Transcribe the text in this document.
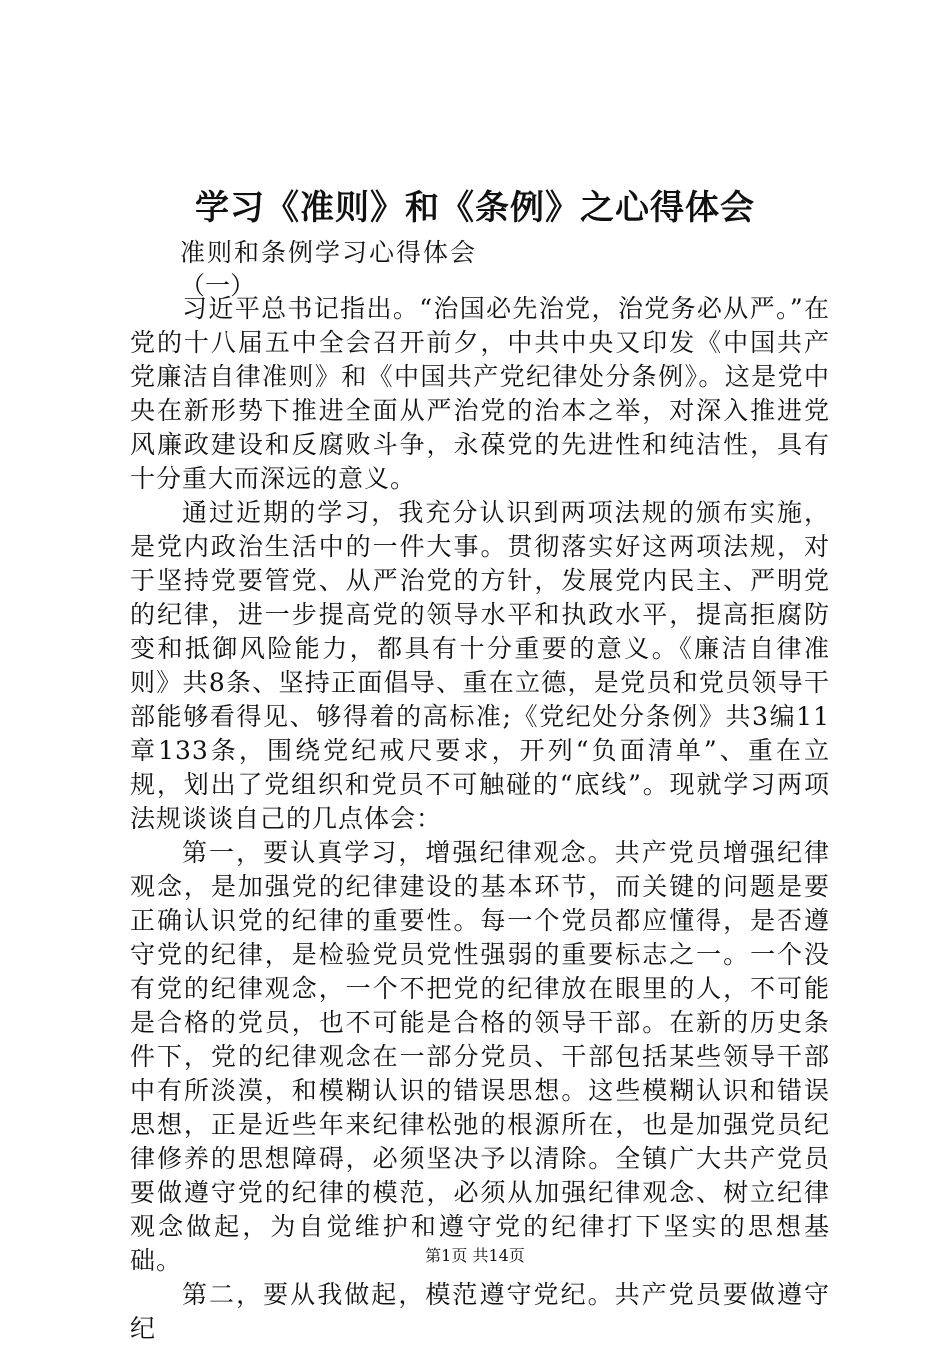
学习《准则》和《条例》之心得体会
准则和条例学习心得体会
（一）

习近平总书记指出。“治国必先治党，治党务必从严。”在党的十八届五中全会召开前夕，中共中央又印发《中国共产党廉洁自律准则》和《中国共产党纪律处分条例》。这是党中央在新形势下推进全面从严治党的治本之举，对深入推进党风廉政建设和反腐败斗争，永葆党的先进性和纯洁性，具有十分重大而深远的意义。

通过近期的学习，我充分认识到两项法规的颁布实施，是党内政治生活中的一件大事。贯彻落实好这两项法规，对于坚持党要管党、从严治党的方针，发展党内民主、严明党的纪律，进一步提高党的领导水平和执政水平，提高拒腐防变和抵御风险能力，都具有十分重要的意义。《廉洁自律准则》共8条、坚持正面倡导、重在立德，是党员和党员领导干部能够看得见、够得着的高标准;《党纪处分条例》共3编11章133条，围绕党纪戒尺要求，开列“负面清单”、重在立规，划出了党组织和党员不可触碰的“底线”。现就学习两项法规谈谈自己的几点体会：

第一，要认真学习，增强纪律观念。共产党员增强纪律观念，是加强党的纪律建设的基本环节，而关键的问题是要正确认识党的纪律的重要性。每一个党员都应懂得，是否遵守党的纪律，是检验党员党性强弱的重要标志之一。一个没有党的纪律观念，一个不把党的纪律放在眼里的人，不可能是合格的党员，也不可能是合格的领导干部。在新的历史条件下，党的纪律观念在一部分党员、干部包括某些领导干部中有所淡漠，和模糊认识的错误思想。这些模糊认识和错误思想，正是近些年来纪律松弛的根源所在，也是加强党员纪律修养的思想障碍，必须坚决予以清除。全镇广大共产党员要做遵守党的纪律的模范，必须从加强纪律观念、树立纪律观念做起，为自觉维护和遵守党的纪律打下坚实的思想基础。

第二，要从我做起，模范遵守党纪。共产党员要做遵守纪

第1页 共14页
